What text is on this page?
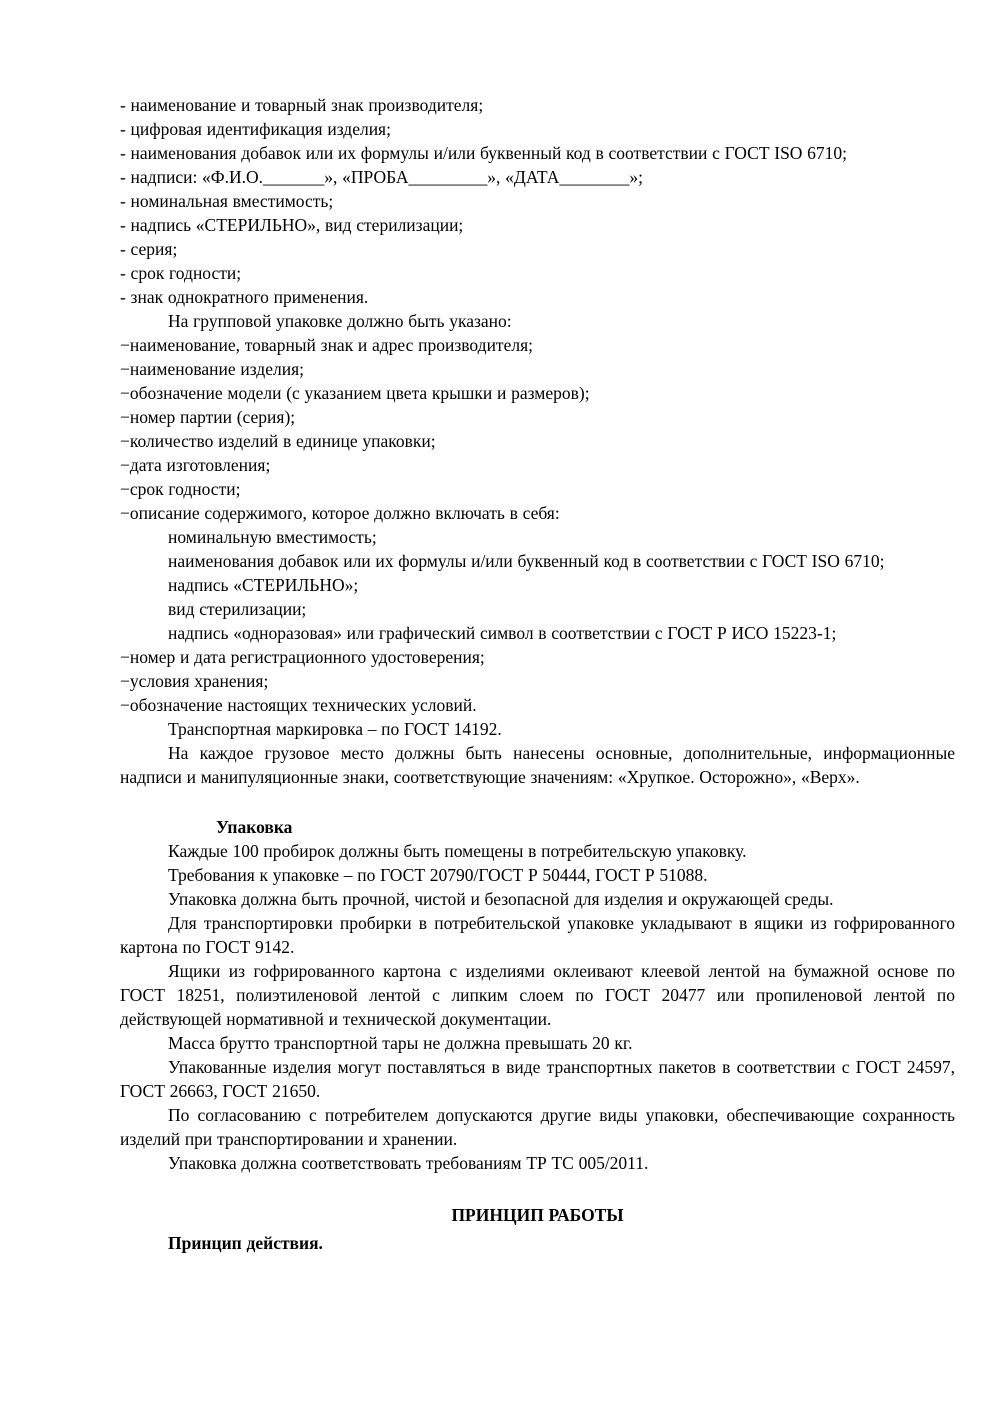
- наименование и товарный знак производителя;

- цифровая идентификация изделия;

- наименования добавок или их формулы и/или буквенный код в соответствии с ГОСТ ISO 6710;

- надписи: «Ф.И.О._______», «ПРОБА_________», «ДАТА________»;

- номинальная вместимость;

- надпись «СТЕРИЛЬНО», вид стерилизации;

- серия;

- срок годности;

- знак однократного применения.

На групповой упаковке должно быть указано:

−наименование, товарный знак и адрес производителя;

−наименование изделия;

−обозначение модели (с указанием цвета крышки и размеров);

−номер партии (серия);

−количество изделий в единице упаковки;

−дата изготовления;

−срок годности;

−описание содержимого, которое должно включать в себя:

номинальную вместимость;

наименования добавок или их формулы и/или буквенный код в соответствии с ГОСТ ISO 6710;

надпись «СТЕРИЛЬНО»;

вид стерилизации;

надпись «одноразовая» или графический символ в соответствии с ГОСТ Р ИСО 15223-1;

−номер и дата регистрационного удостоверения;

−условия хранения;

−обозначение настоящих технических условий.

Транспортная маркировка – по ГОСТ 14192.

На каждое грузовое место должны быть нанесены основные, дополнительные, информационные надписи и манипуляционные знаки, соответствующие значениям: «Хрупкое. Осторожно», «Верх».

Упаковка

Каждые 100 пробирок должны быть помещены в потребительскую упаковку.

Требования к упаковке – по ГОСТ 20790/ГОСТ Р 50444, ГОСТ Р 51088.

Упаковка должна быть прочной, чистой и безопасной для изделия и окружающей среды.

Для транспортировки пробирки в потребительской упаковке укладывают в ящики из гофрированного картона по ГОСТ 9142.

Ящики из гофрированного картона с изделиями оклеивают клеевой лентой на бумажной основе по ГОСТ 18251, полиэтиленовой лентой с липким слоем по ГОСТ 20477 или пропиленовой лентой по действующей нормативной и технической документации.

Масса брутто транспортной тары не должна превышать 20 кг.

Упакованные изделия могут поставляться в виде транспортных пакетов в соответствии с ГОСТ 24597, ГОСТ 26663, ГОСТ 21650.

По согласованию с потребителем допускаются другие виды упаковки, обеспечивающие сохранность изделий при транспортировании и хранении.

Упаковка должна соответствовать требованиям ТР ТС 005/2011.

ПРИНЦИП РАБОТЫ

Принцип действия.
